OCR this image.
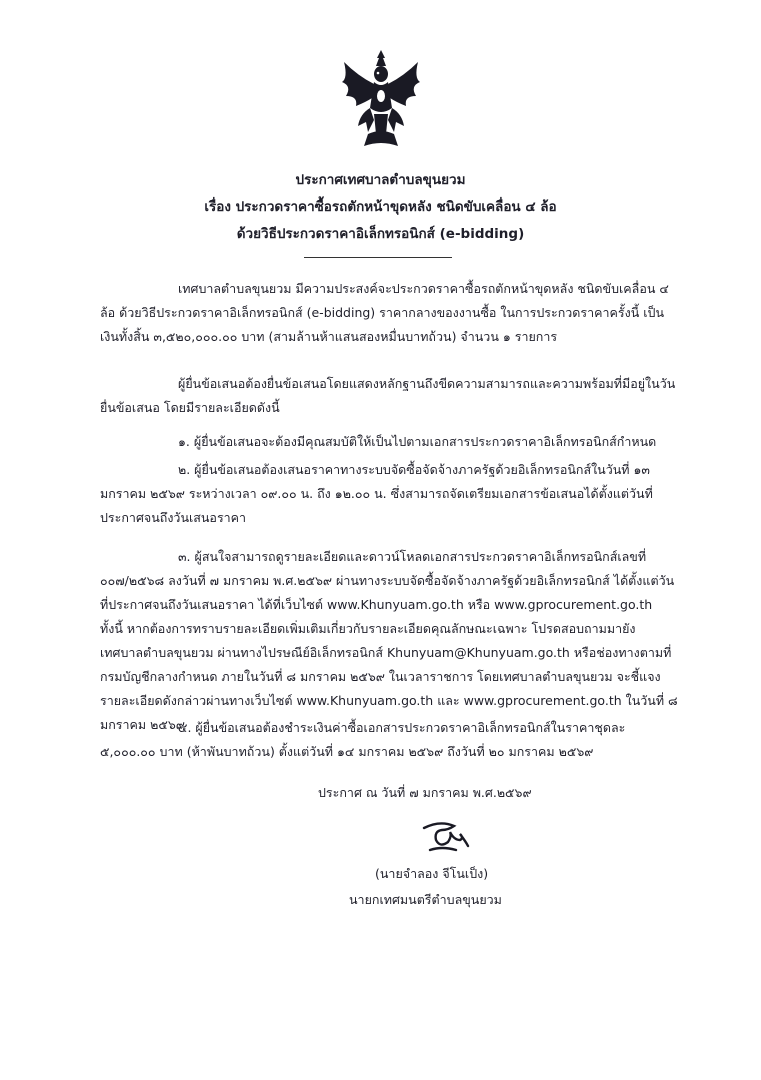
ประกาศเทศบาลตำบลขุนยวม
เรื่อง ประกวดราคาซื้อรถตักหน้าขุดหลัง ชนิดขับเคลื่อน ๔ ล้อ
ด้วยวิธีประกวดราคาอิเล็กทรอนิกส์ (e-bidding)
เทศบาลตำบลขุนยวม มีความประสงค์จะประกวดราคาซื้อรถตักหน้าขุดหลัง ชนิดขับเคลื่อน ๔ ล้อ ด้วยวิธีประกวดราคาอิเล็กทรอนิกส์ (e-bidding) ราคากลางของงานซื้อ ในการประกวดราคาครั้งนี้ เป็นเงินทั้งสิ้น ๓,๕๒๐,๐๐๐.๐๐ บาท (สามล้านห้าแสนสองหมื่นบาทถ้วน) จำนวน ๑ รายการ
ผู้ยื่นข้อเสนอต้องยื่นข้อเสนอโดยแสดงหลักฐานถึงขีดความสามารถและความพร้อมที่มีอยู่ในวันยื่นข้อเสนอ โดยมีรายละเอียดดังนี้
๑. ผู้ยื่นข้อเสนอจะต้องมีคุณสมบัติให้เป็นไปตามเอกสารประกวดราคาอิเล็กทรอนิกส์กำหนด
๒. ผู้ยื่นข้อเสนอต้องเสนอราคาทางระบบจัดซื้อจัดจ้างภาครัฐด้วยอิเล็กทรอนิกส์ในวันที่ ๑๓ มกราคม ๒๕๖๙ ระหว่างเวลา ๐๙.๐๐ น. ถึง ๑๒.๐๐ น. ซึ่งสามารถจัดเตรียมเอกสารข้อเสนอได้ตั้งแต่วันที่ประกาศจนถึงวันเสนอราคา
๓. ผู้สนใจสามารถดูรายละเอียดและดาวน์โหลดเอกสารประกวดราคาอิเล็กทรอนิกส์เลขที่ ๐๐๗/๒๕๖๘ ลงวันที่ ๗ มกราคม พ.ศ.๒๕๖๙ ผ่านทางระบบจัดซื้อจัดจ้างภาครัฐด้วยอิเล็กทรอนิกส์ ได้ตั้งแต่วันที่ประกาศจนถึงวันเสนอราคา ได้ที่เว็บไซต์ www.Khunyuam.go.th หรือ www.gprocurement.go.th ทั้งนี้ หากต้องการทราบรายละเอียดเพิ่มเติมเกี่ยวกับรายละเอียดคุณลักษณะเฉพาะ โปรดสอบถามมายัง เทศบาลตำบลขุนยวม ผ่านทางไปรษณีย์อิเล็กทรอนิกส์ Khunyuam@Khunyuam.go.th หรือช่องทางตามที่กรมบัญชีกลางกำหนด ภายในวันที่ ๘ มกราคม ๒๕๖๙ ในเวลาราชการ โดยเทศบาลตำบลขุนยวม จะชี้แจงรายละเอียดดังกล่าวผ่านทางเว็บไซต์ www.Khunyuam.go.th และ www.gprocurement.go.th ในวันที่ ๘ มกราคม ๒๕๖๙
๔. ผู้ยื่นข้อเสนอต้องชำระเงินค่าซื้อเอกสารประกวดราคาอิเล็กทรอนิกส์ในราคาชุดละ ๕,๐๐๐.๐๐ บาท (ห้าพันบาทถ้วน) ตั้งแต่วันที่ ๑๔ มกราคม ๒๕๖๙ ถึงวันที่ ๒๐ มกราคม ๒๕๖๙
ประกาศ ณ วันที่ ๗ มกราคม พ.ศ.๒๕๖๙
(นายจำลอง จีโนเป็ง)
นายกเทศมนตรีตำบลขุนยวม
